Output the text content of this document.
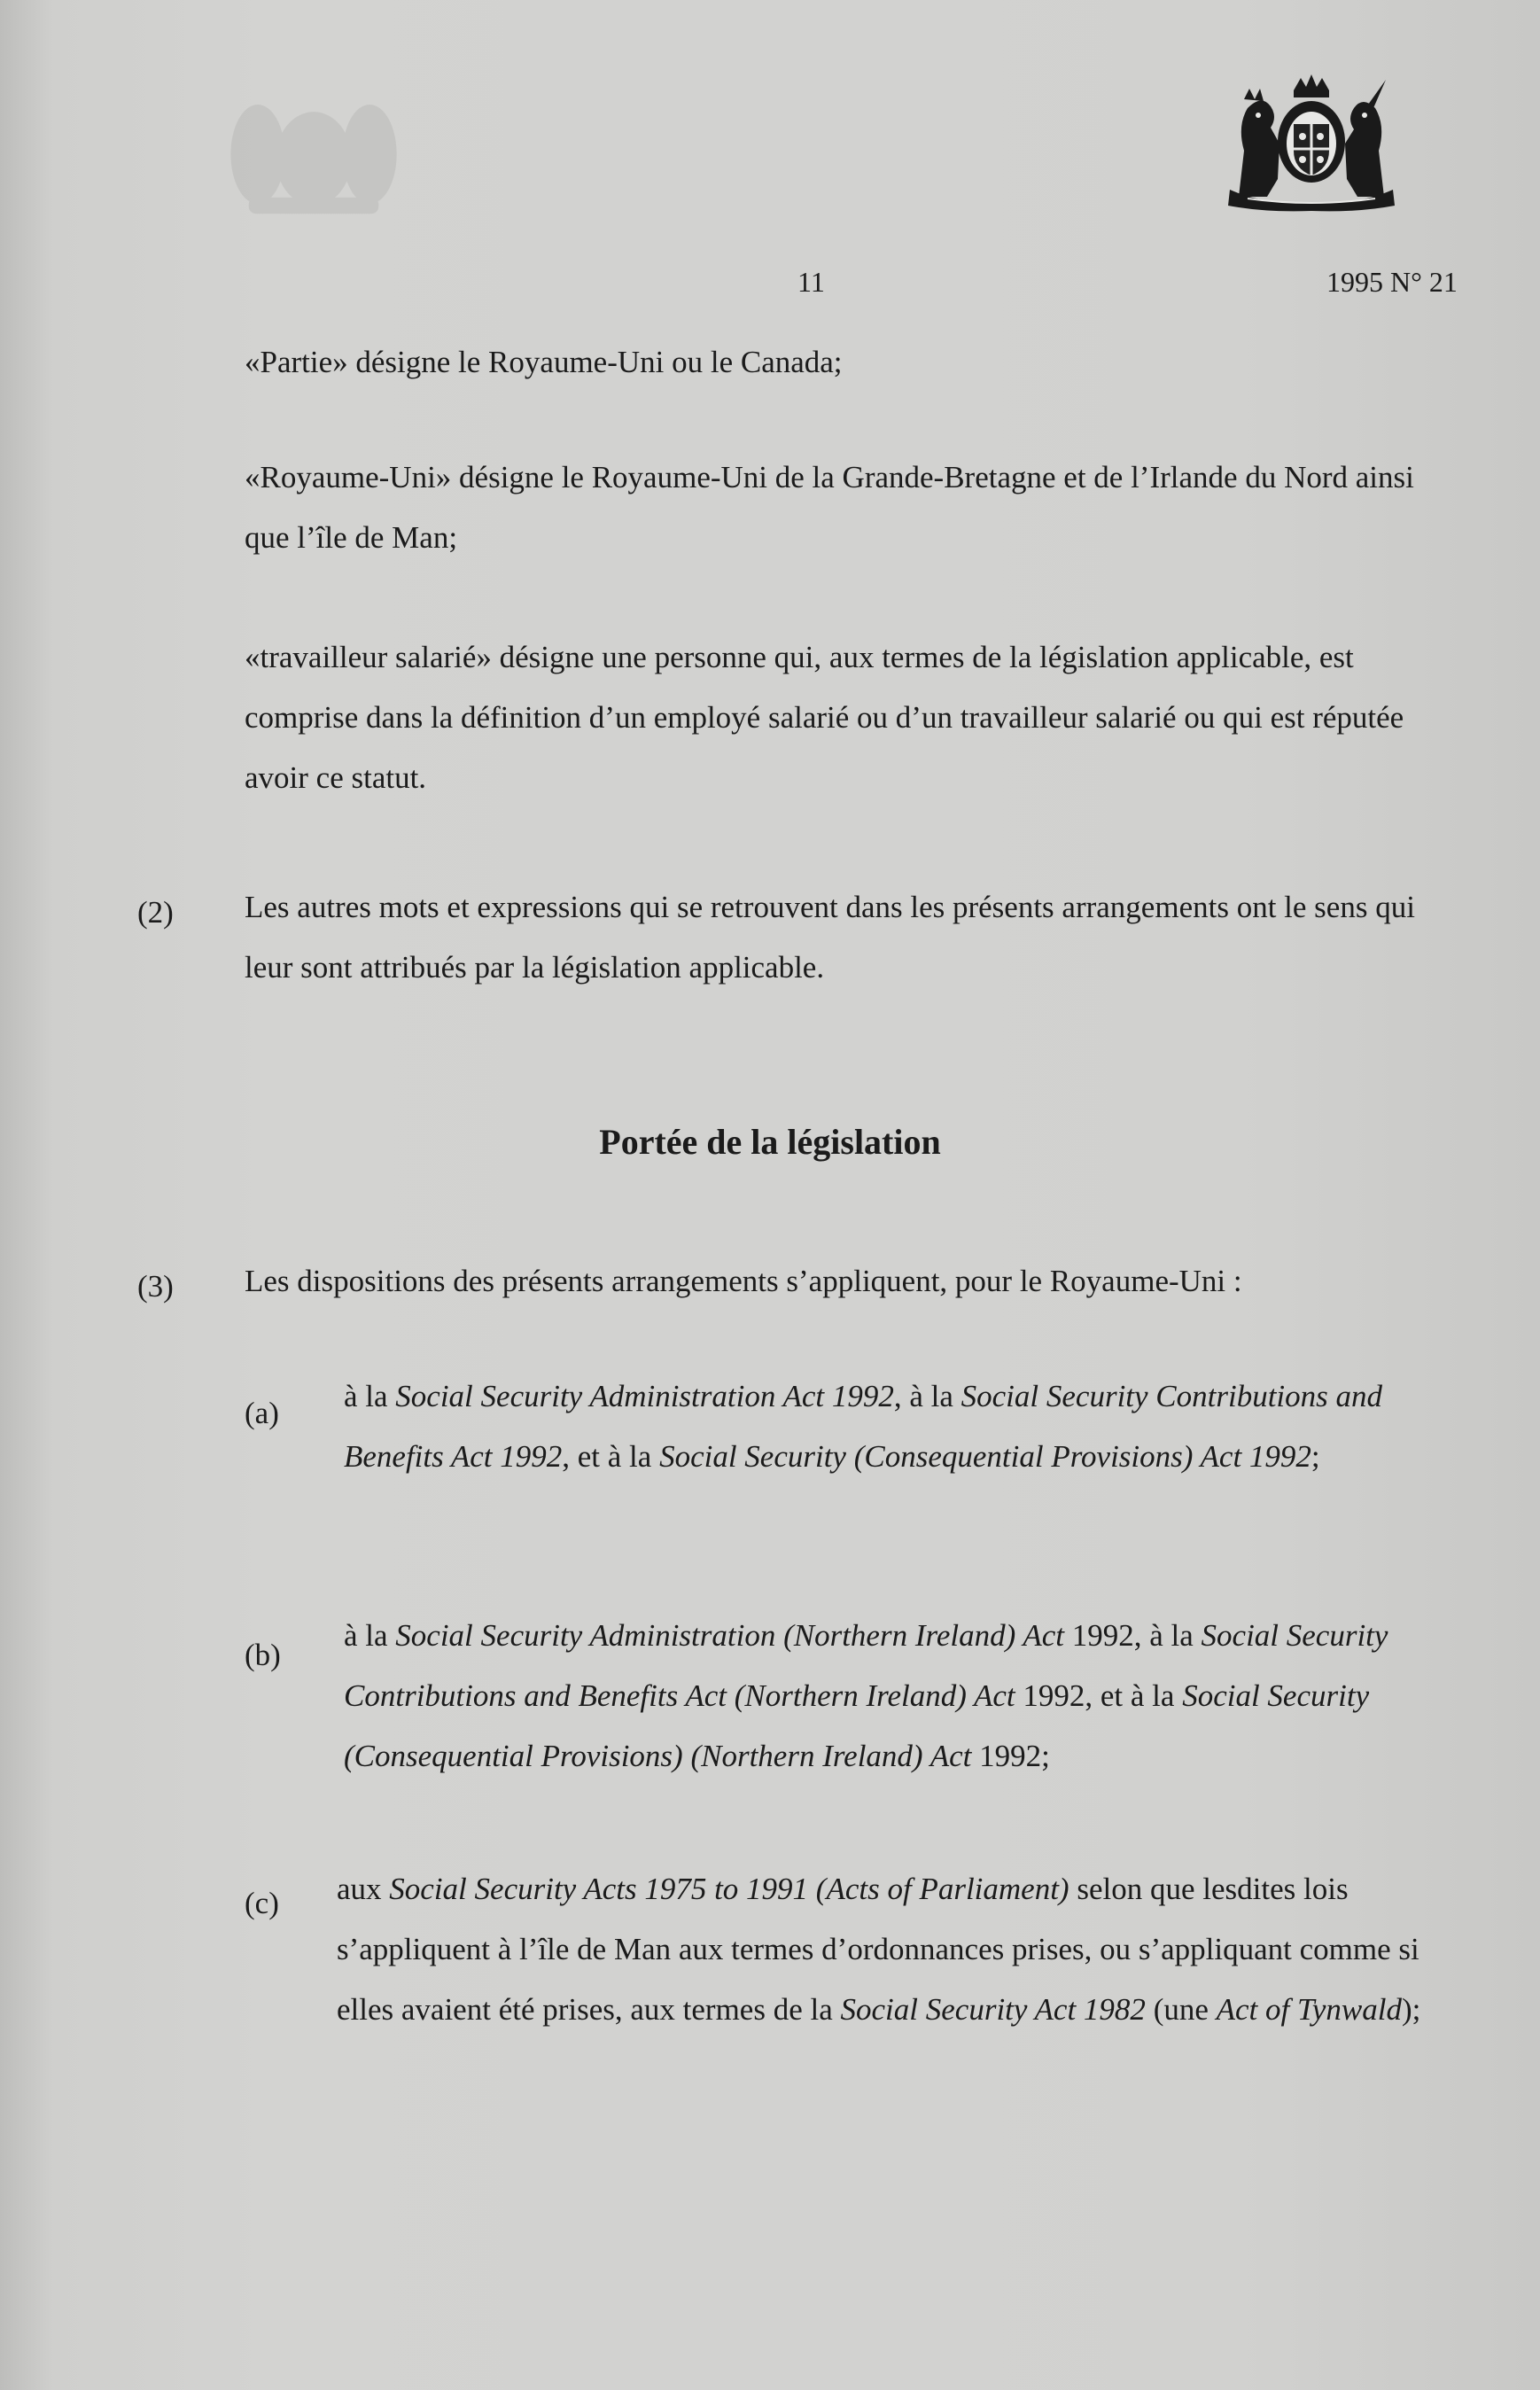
11	1995 N° 21

«Partie» désigne le Royaume-Uni ou le Canada;

«Royaume-Uni» désigne le Royaume-Uni de la Grande-Bretagne et de l’Irlande du Nord ainsi que l’île de Man;

«travailleur salarié» désigne une personne qui, aux termes de la législation applicable, est comprise dans la définition d’un employé salarié ou d’un travailleur salarié ou qui est réputée avoir ce statut.

(2) Les autres mots et expressions qui se retrouvent dans les présents arrangements ont le sens qui leur sont attribués par la législation applicable.

Portée de la législation
(3) Les dispositions des présents arrangements s’appliquent, pour le Royaume-Uni :

(a) à la Social Security Administration Act 1992, à la Social Security Contributions and Benefits Act 1992, et à la Social Security (Consequential Provisions) Act 1992;

(b)

à la Social Security Administration (Northern Ireland) Act 1992, à la Social Security Contributions and Benefits Act (Northern Ireland) Act 1992, et à la Social Security (Consequential Provisions) (Northern Ireland) Act 1992;

(c) aux Social Security Acts 1975 to 1991 (Acts of Parliament) selon que lesdites lois s’appliquent à l’île de Man aux termes d’ordonnances prises, ou s’appliquant comme si elles avaient été prises, aux termes de la Social Security Act 1982 (une Act of Tynwald);
